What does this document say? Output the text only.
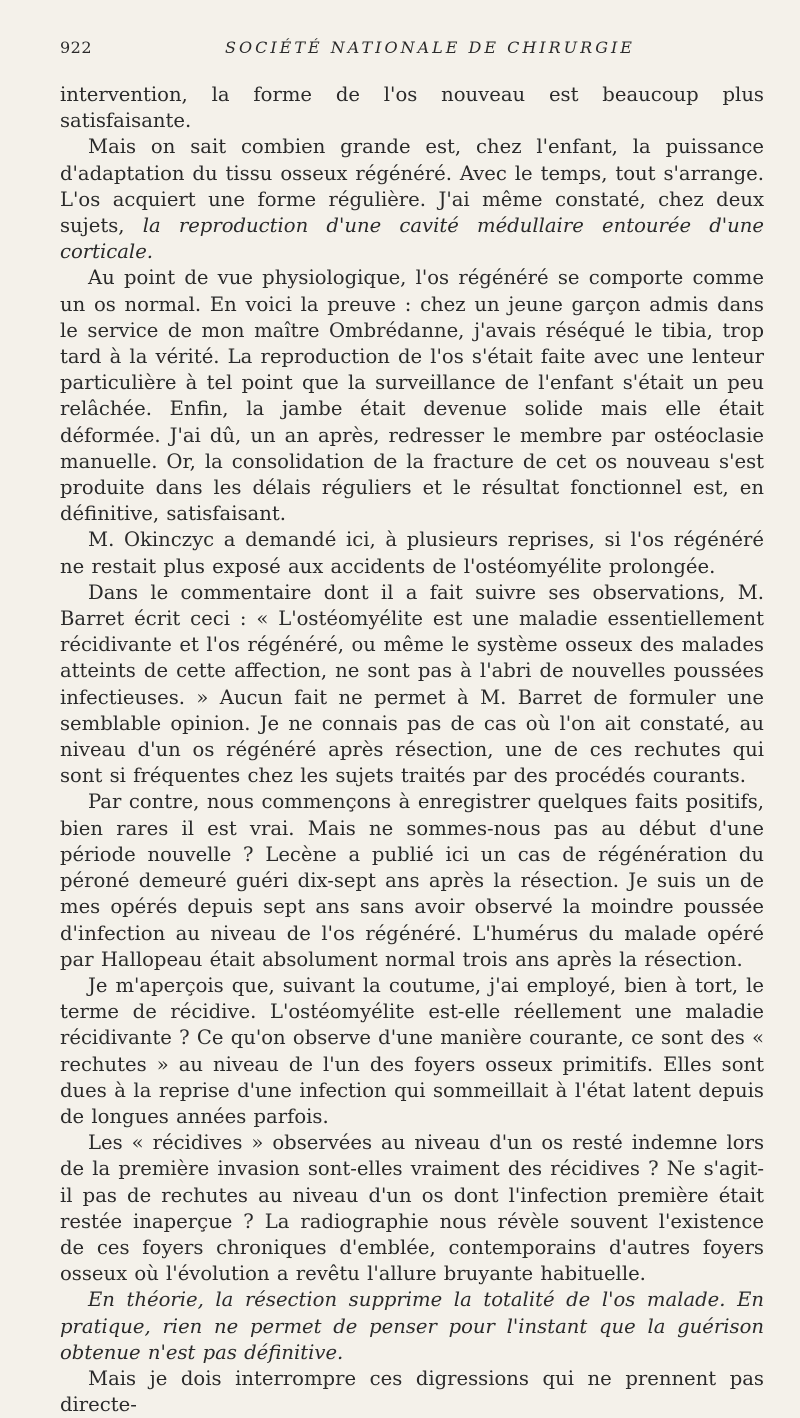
922	SOCIÉTÉ NATIONALE DE CHIRURGIE

intervention, la forme de l'os nouveau est beaucoup plus satisfaisante.

Mais on sait combien grande est, chez l'enfant, la puissance d'adaptation du tissu osseux régénéré. Avec le temps, tout s'arrange. L'os acquiert une forme régulière. J'ai même constaté, chez deux sujets, la reproduction d'une cavité médullaire entourée d'une corticale.

Au point de vue physiologique, l'os régénéré se comporte comme un os normal. En voici la preuve : chez un jeune garçon admis dans le service de mon maître Ombrédanne, j'avais réséqué le tibia, trop tard à la vérité. La reproduction de l'os s'était faite avec une lenteur particulière à tel point que la surveillance de l'enfant s'était un peu relâchée. Enfin, la jambe était devenue solide mais elle était déformée. J'ai dû, un an après, redresser le membre par ostéoclasie manuelle. Or, la consolidation de la fracture de cet os nouveau s'est produite dans les délais réguliers et le résultat fonctionnel est, en définitive, satisfaisant.

M. Okinczyc a demandé ici, à plusieurs reprises, si l'os régénéré ne restait plus exposé aux accidents de l'ostéomyélite prolongée.

Dans le commentaire dont il a fait suivre ses observations, M. Barret écrit ceci : « L'ostéomyélite est une maladie essentiellement récidivante et l'os régénéré, ou même le système osseux des malades atteints de cette affection, ne sont pas à l'abri de nouvelles poussées infectieuses. » Aucun fait ne permet à M. Barret de formuler une semblable opinion. Je ne connais pas de cas où l'on ait constaté, au niveau d'un os régénéré après résection, une de ces rechutes qui sont si fréquentes chez les sujets traités par des procédés courants.

Par contre, nous commençons à enregistrer quelques faits positifs, bien rares il est vrai. Mais ne sommes-nous pas au début d'une période nouvelle ? Lecène a publié ici un cas de régénération du péroné demeuré guéri dix-sept ans après la résection. Je suis un de mes opérés depuis sept ans sans avoir observé la moindre poussée d'infection au niveau de l'os régénéré. L'humérus du malade opéré par Hallopeau était absolument normal trois ans après la résection.

Je m'aperçois que, suivant la coutume, j'ai employé, bien à tort, le terme de récidive. L'ostéomyélite est-elle réellement une maladie récidivante ? Ce qu'on observe d'une manière courante, ce sont des « rechutes » au niveau de l'un des foyers osseux primitifs. Elles sont dues à la reprise d'une infection qui sommeillait à l'état latent depuis de longues années parfois.

Les « récidives » observées au niveau d'un os resté indemne lors de la première invasion sont-elles vraiment des récidives ? Ne s'agit-il pas de rechutes au niveau d'un os dont l'infection première était restée inaperçue ? La radiographie nous révèle souvent l'existence de ces foyers chroniques d'emblée, contemporains d'autres foyers osseux où l'évolution a revêtu l'allure bruyante habituelle.

En théorie, la résection supprime la totalité de l'os malade. En pratique, rien ne permet de penser pour l'instant que la guérison obtenue n'est pas définitive.

Mais je dois interrompre ces digressions qui ne prennent pas directe-
